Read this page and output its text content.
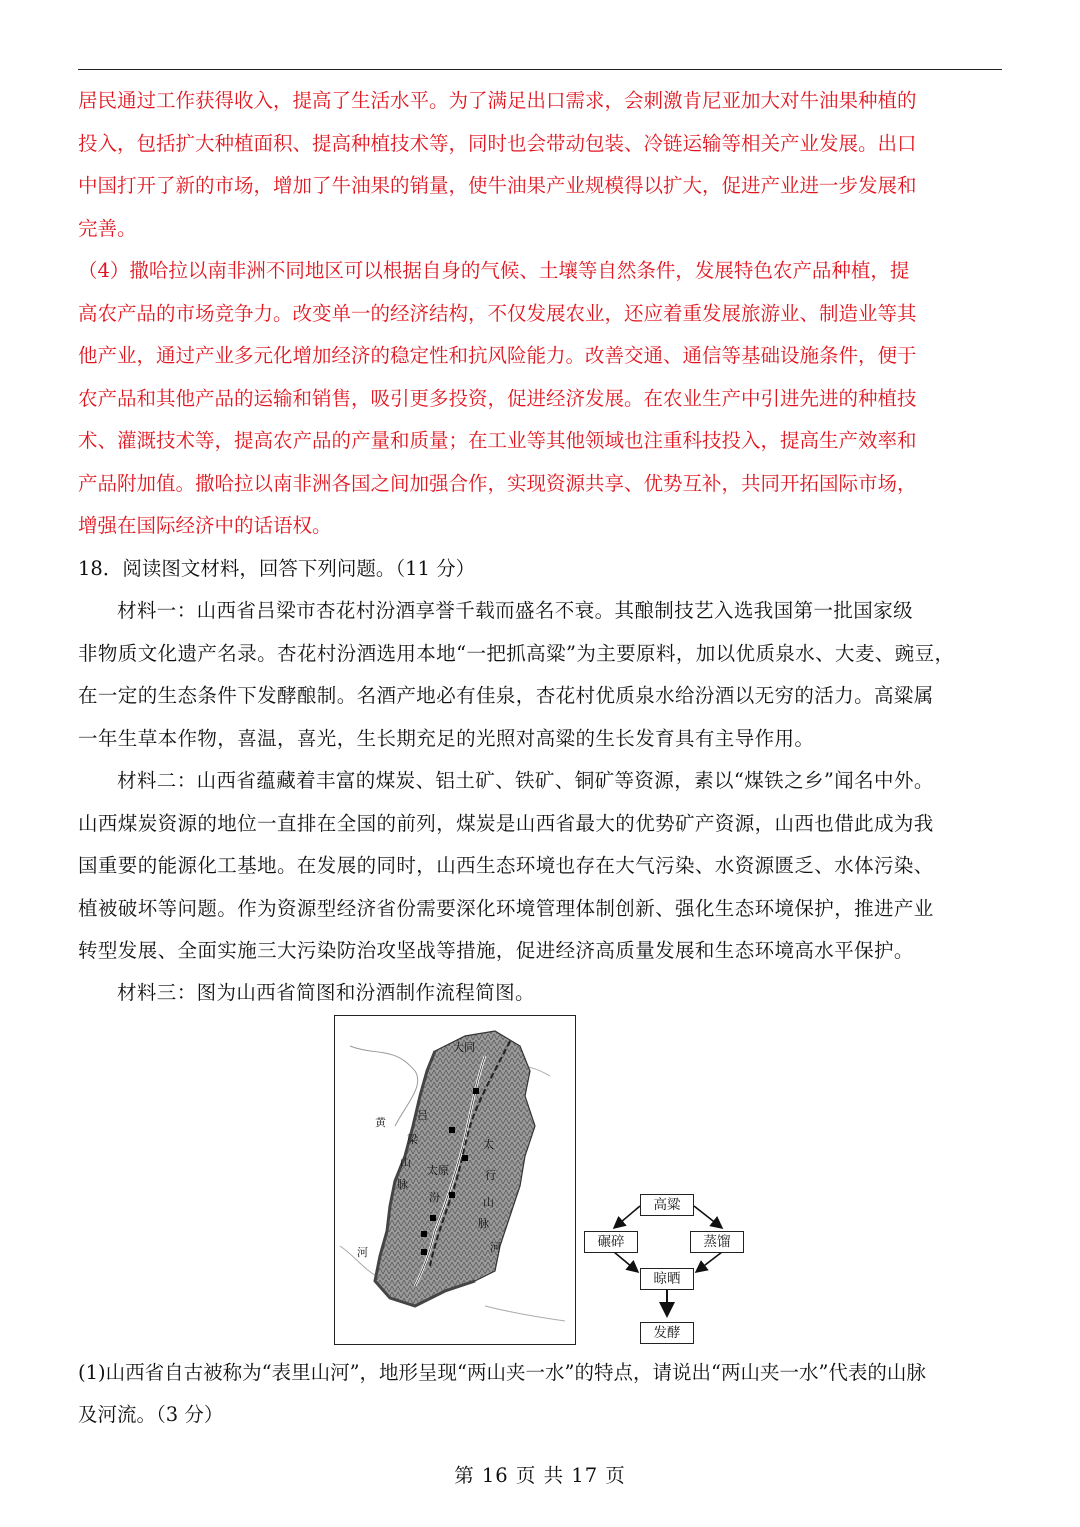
居民通过工作获得收入，提高了生活水平。为了满足出口需求，会刺激肯尼亚加大对牛油果种植的

投入，包括扩大种植面积、提高种植技术等，同时也会带动包装、冷链运输等相关产业发展。出口

中国打开了新的市场，增加了牛油果的销量，使牛油果产业规模得以扩大，促进产业进一步发展和

完善。

（4）撒哈拉以南非洲不同地区可以根据自身的气候、土壤等自然条件，发展特色农产品种植，提

高农产品的市场竞争力。改变单一的经济结构，不仅发展农业，还应着重发展旅游业、制造业等其

他产业，通过产业多元化增加经济的稳定性和抗风险能力。改善交通、通信等基础设施条件，便于

农产品和其他产品的运输和销售，吸引更多投资，促进经济发展。在农业生产中引进先进的种植技

术、灌溉技术等，提高农产品的产量和质量；在工业等其他领域也注重科技投入，提高生产效率和

产品附加值。撒哈拉以南非洲各国之间加强合作，实现资源共享、优势互补，共同开拓国际市场，

增强在国际经济中的话语权。

18．阅读图文材料，回答下列问题。（11 分）

材料一：山西省吕梁市杏花村汾酒享誉千载而盛名不衰。其酿制技艺入选我国第一批国家级

非物质文化遗产名录。杏花村汾酒选用本地“一把抓高粱”为主要原料，加以优质泉水、大麦、豌豆，

在一定的生态条件下发酵酿制。名酒产地必有佳泉，杏花村优质泉水给汾酒以无穷的活力。高粱属

一年生草本作物，喜温，喜光，生长期充足的光照对高粱的生长发育具有主导作用。

材料二：山西省蕴藏着丰富的煤炭、铝土矿、铁矿、铜矿等资源，素以“煤铁之乡”闻名中外。

山西煤炭资源的地位一直排在全国的前列，煤炭是山西省最大的优势矿产资源，山西也借此成为我

国重要的能源化工基地。在发展的同时，山西生态环境也存在大气污染、水资源匮乏、水体污染、

植被破坏等问题。作为资源型经济省份需要深化环境管理体制创新、强化生态环境保护，推进产业

转型发展、全面实施三大污染防治攻坚战等措施，促进经济高质量发展和生态环境高水平保护。

材料三：图为山西省简图和汾酒制作流程简图。
大同
太原
吕
梁
山
脉
太
行
山
脉
黄
河
汾
河
高粱
碾碎	蒸馏
晾晒
发酵
(1)山西省自古被称为“表里山河”，地形呈现“两山夹一水”的特点，请说出“两山夹一水”代表的山脉
及河流。（3 分）
第 16 页 共 17 页
